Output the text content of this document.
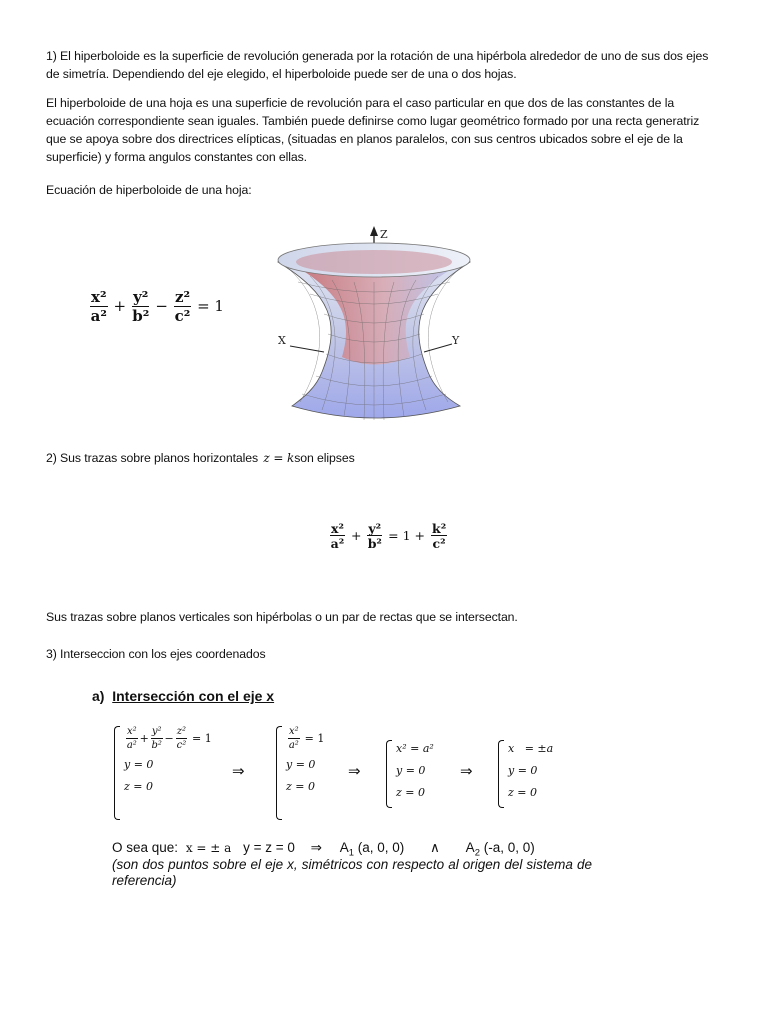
1) El hiperboloide es la superficie de revolución generada por la rotación de una hipérbola alrededor de uno de sus dos ejes de simetría. Dependiendo del eje elegido, el hiperboloide puede ser de una o dos hojas.

El hiperboloide de una hoja es una superficie de revolución para el caso particular en que dos de las constantes de la ecuación correspondiente sean iguales. También puede definirse como lugar geométrico formado por una recta generatriz que se apoya sobre dos directrices elípticas, (situadas en planos paralelos, con sus centros ubicados sobre el eje de la superficie) y forma angulos constantes con ellas.

Ecuación de hiperboloide de una hoja:

$\frac{\text{x²}}{\text{a²}} + \frac{\text{y²}}{\text{b²}} - \frac{\text{z²}}{\text{c²}} = 1$
Z
X	Y

2) Sus trazas sobre planos horizontales z = kson elipses

$\frac{\text{x²}}{\text{a²}} + \frac{\text{y²}}{\text{b²}} = 1 + \frac{\text{k²}}{\text{c²}}$

Sus trazas sobre planos verticales son hipérbolas o un par de rectas que se intersectan.

3) Interseccion con los ejes coordenados

a) Intersección con el eje x
$\frac{\text{x²}}{\text{a²}} + \frac{\text{y²}}{\text{b²}} - \frac{\text{z²}}{\text{c²}} = 1$
y = 0
z = 0
⇒
$\frac{\text{x²}}{\text{a²}} = 1$
y = 0
z = 0
⇒
x² = a²
y = 0
z = 0
⇒
x   = ±a
y = 0
z = 0
O sea que: x = ± a y = z = 0 ⇒ $A_1$ (a, 0, 0) ∧ $A_2$ (-a, 0, 0)
(son dos puntos sobre el eje x, simétricos con respecto al origen del sistema de referencia)
